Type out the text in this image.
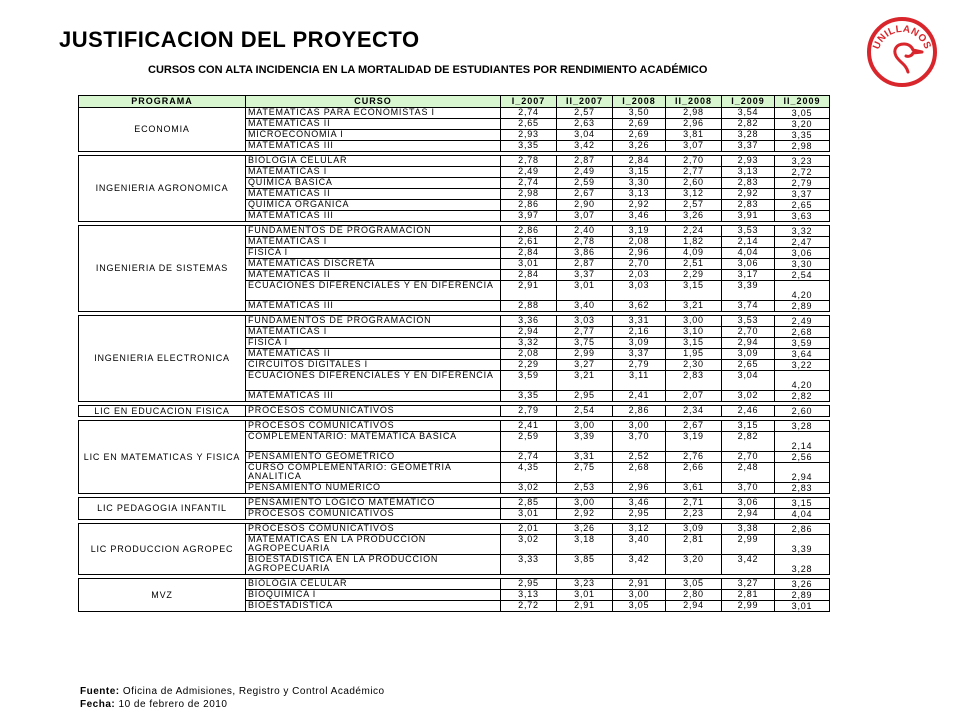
JUSTIFICACION DEL PROYECTO
CURSOS CON ALTA INCIDENCIA EN LA MORTALIDAD DE ESTUDIANTES POR RENDIMIENTO ACADÉMICO
UNILLANOS
PROGRAMA	CURSO	I_2007	II_2007	I_2008	II_2008	I_2009	II_2009
ECONOMIA	MATEMATICAS PARA ECONOMISTAS I	2,74	2,57	3,50	2,98	3,54	3,05
	MATEMATICAS II	2,65	2,63	2,69	2,96	2,82	3,20
	MICROECONOMIA I	2,93	3,04	2,69	3,81	3,28	3,35
	MATEMATICAS III	3,35	3,42	3,26	3,07	3,37	2,98

INGENIERIA AGRONOMICA	BIOLOGIA CELULAR	2,78	2,87	2,84	2,70	2,93	3,23
	MATEMATICAS I	2,49	2,49	3,15	2,77	3,13	2,72
	QUIMICA BASICA	2,74	2,59	3,30	2,60	2,83	2,79
	MATEMATICAS II	2,98	2,67	3,13	3,12	2,92	3,37
	QUIMICA ORGANICA	2,86	2,90	2,92	2,57	2,83	2,65
	MATEMATICAS III	3,97	3,07	3,46	3,26	3,91	3,63

INGENIERIA DE SISTEMAS	FUNDAMENTOS DE PROGRAMACION	2,86	2,40	3,19	2,24	3,53	3,32
	MATEMATICAS I	2,61	2,78	2,08	1,82	2,14	2,47
	FISICA I	2,84	3,86	2,96	4,09	4,04	3,06
	MATEMATICAS DISCRETA	3,01	2,87	2,70	2,51	3,06	3,30
	MATEMATICAS II	2,84	3,37	2,03	2,29	3,17	2,54
	ECUACIONES DIFERENCIALES Y EN DIFERENCIA	2,91	3,01	3,03	3,15	3,39	4,20
	MATEMATICAS III	2,88	3,40	3,62	3,21	3,74	2,89

INGENIERIA ELECTRONICA	FUNDAMENTOS DE PROGRAMACION	3,36	3,03	3,31	3,00	3,53	2,49
	MATEMATICAS I	2,94	2,77	2,16	3,10	2,70	2,68
	FISICA I	3,32	3,75	3,09	3,15	2,94	3,59
	MATEMATICAS II	2,08	2,99	3,37	1,95	3,09	3,64
	CIRCUITOS DIGITALES I	2,29	3,27	2,79	2,30	2,65	3,22
	ECUACIONES DIFERENCIALES Y EN DIFERENCIA	3,59	3,21	3,11	2,83	3,04	4,20
	MATEMATICAS III	3,35	2,95	2,41	2,07	3,02	2,82

LIC EN EDUCACION FISICA	PROCESOS COMUNICATIVOS	2,79	2,54	2,86	2,34	2,46	2,60

LIC EN MATEMATICAS Y FISICA	PROCESOS COMUNICATIVOS	2,41	3,00	3,00	2,67	3,15	3,28
	COMPLEMENTARIO: MATEMATICA BASICA	2,59	3,39	3,70	3,19	2,82	2,14
	PENSAMIENTO GEOMETRICO	2,74	3,31	2,52	2,76	2,70	2,56
	CURSO COMPLEMENTARIO: GEOMETRIA ANALITICA	4,35	2,75	2,68	2,66	2,48	2,94
	PENSAMIENTO NUMERICO	3,02	2,53	2,96	3,61	3,70	2,83

LIC PEDAGOGIA INFANTIL	PENSAMIENTO LOGICO MATEMATICO	2,85	3,00	3,46	2,71	3,06	3,15
	PROCESOS COMUNICATIVOS	3,01	2,92	2,95	2,23	2,94	4,04

LIC PRODUCCION AGROPEC	PROCESOS COMUNICATIVOS	2,01	3,26	3,12	3,09	3,38	2,86
	MATEMATICAS EN LA PRODUCCION AGROPECUARIA	3,02	3,18	3,40	2,81	2,99	3,39
	BIOESTADISTICA EN LA PRODUCCION AGROPECUARIA	3,33	3,85	3,42	3,20	3,42	3,28

MVZ	BIOLOGIA CELULAR	2,95	3,23	2,91	3,05	3,27	3,26
	BIOQUIMICA I	3,13	3,01	3,00	2,80	2,81	2,89
	BIOESTADISTICA	2,72	2,91	3,05	2,94	2,99	3,01
Fuente: Oficina de Admisiones, Registro y Control Académico
Fecha: 10 de febrero de 2010
